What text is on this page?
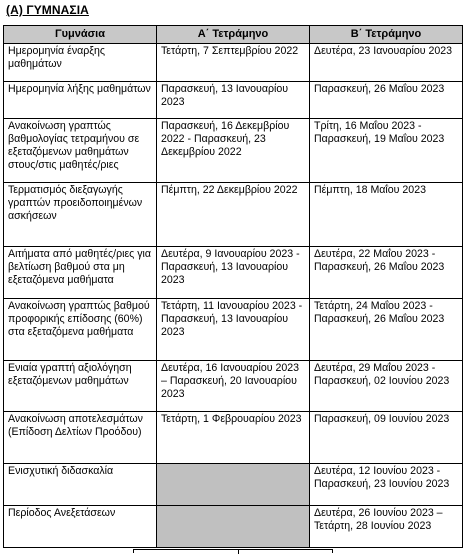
(Α) ΓΥΜΝΑΣΙΑ
Γυμνάσια	Α΄ Τετράμηνο	Β΄ Τετράμηνο
Ημερομηνία έναρξης μαθημάτων	Τετάρτη, 7 Σεπτεμβρίου 2022	Δευτέρα, 23 Ιανουαρίου 2023
Ημερομηνία λήξης μαθημάτων	Παρασκευή, 13 Ιανουαρίου 2023	Παρασκευή, 26 Μαΐου 2023
Ανακοίνωση γραπτώς βαθμολογίας τετραμήνου σε εξεταζόμενων μαθημάτων στους/στις μαθητές/ριες	Παρασκευή, 16 Δεκεμβρίου 2022 - Παρασκευή, 23 Δεκεμβρίου 2022	Τρίτη, 16 Μαΐου 2023 - Παρασκευή, 19 Μαΐου 2023
Τερματισμός διεξαγωγής γραπτών προειδοποιημένων ασκήσεων	Πέμπτη, 22 Δεκεμβρίου 2022	Πέμπτη, 18 Μαΐου 2023
Αιτήματα από μαθητές/ριες για βελτίωση βαθμού στα μη εξεταζόμενα μαθήματα	Δευτέρα, 9 Ιανουαρίου 2023 - Παρασκευή, 13 Ιανουαρίου 2023	Δευτέρα, 22 Μαΐου 2023 - Παρασκευή, 26 Μαΐου 2023
Ανακοίνωση γραπτώς βαθμού προφορικής επίδοσης (60%) στα εξεταζόμενα μαθήματα	Τετάρτη, 11 Ιανουαρίου 2023 - Παρασκευή, 13 Ιανουαρίου 2023	Τετάρτη, 24 Μαΐου 2023 - Παρασκευή, 26 Μαΐου 2023
Ενιαία γραπτή αξιολόγηση εξεταζόμενων μαθημάτων	Δευτέρα, 16 Ιανουαρίου 2023 – Παρασκευή, 20 Ιανουαρίου 2023	Δευτέρα, 29 Μαΐου 2023 - Παρασκευή, 02 Ιουνίου 2023
Ανακοίνωση αποτελεσμάτων (Επίδοση Δελτίων Προόδου)	Τετάρτη, 1 Φεβρουαρίου 2023	Παρασκευή, 09 Ιουνίου 2023
Ενισχυτική διδασκαλία		Δευτέρα, 12 Ιουνίου 2023 - Παρασκευή, 23 Ιουνίου 2023
Περίοδος Ανεξετάσεων		Δευτέρα, 26 Ιουνίου 2023 – Τετάρτη, 28 Ιουνίου 2023
